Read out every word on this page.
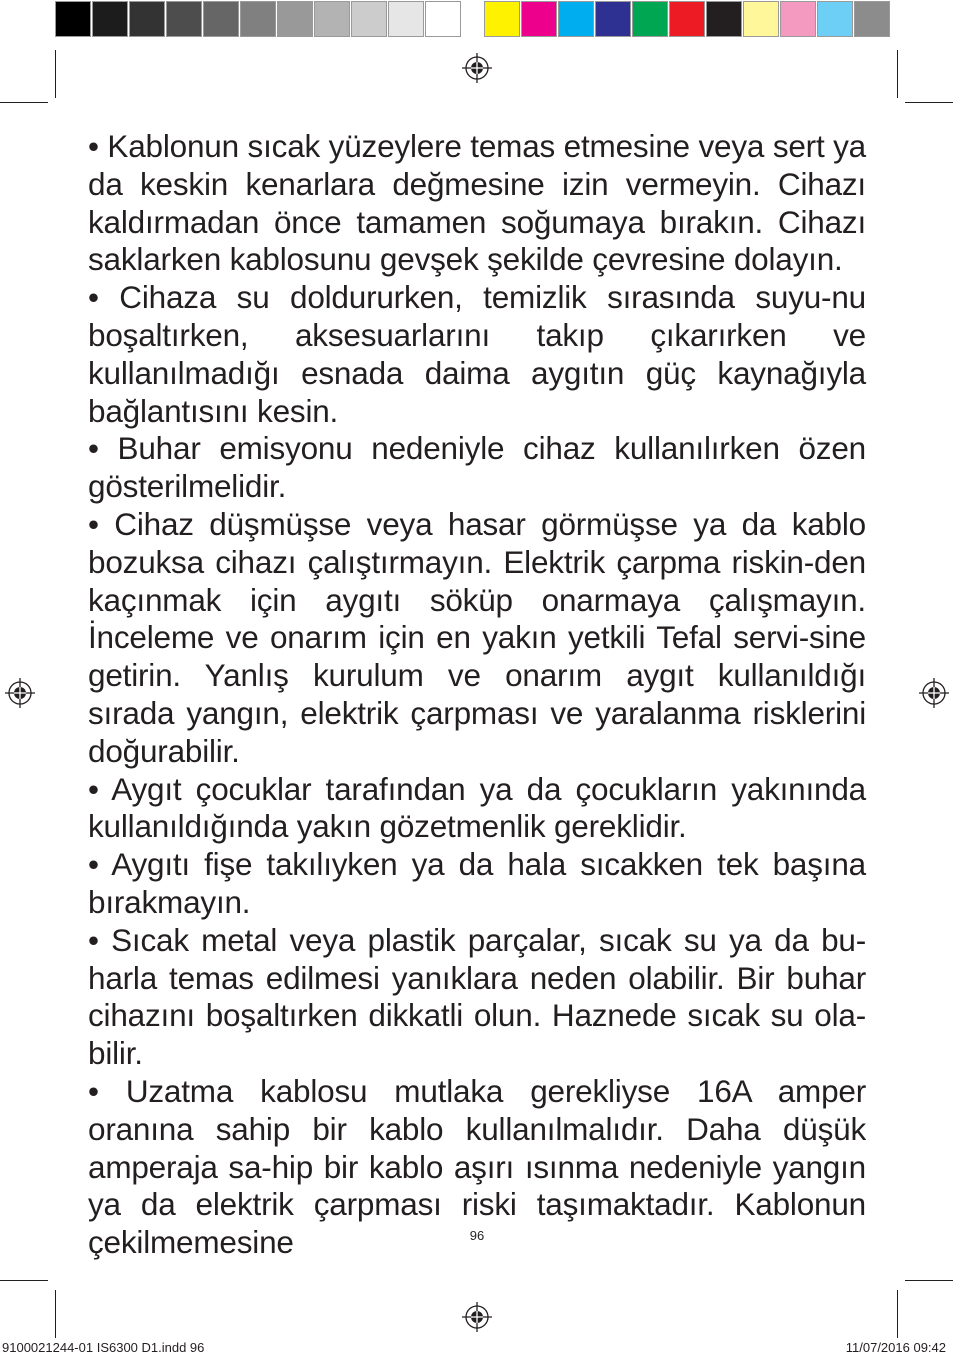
• Kablonun sıcak yüzeylere temas etmesine veya sert ya da keskin kenarlara değmesine izin vermeyin. Cihazı kaldırmadan önce tamamen soğumaya bırakın. Cihazı saklarken kablosunu gevşek şekilde çevresine dolayın.

• Cihaza su doldururken, temizlik sırasında suyu-nu boşaltırken, aksesuarlarını takıp çıkarırken ve kullanılmadığı esnada daima aygıtın güç kaynağıyla bağlantısını kesin.

• Buhar emisyonu nedeniyle cihaz kullanılırken özen gösterilmelidir.

• Cihaz düşmüşse veya hasar görmüşse ya da kablo bozuksa cihazı çalıştırmayın. Elektrik çarpma riskin-den kaçınmak için aygıtı söküp onarmaya çalışmayın. İnceleme ve onarım için en yakın yetkili Tefal servi-sine getirin. Yanlış kurulum ve onarım aygıt kullanıldığı sırada yangın, elektrik çarpması ve yaralanma risklerini doğurabilir.

• Aygıt çocuklar tarafından ya da çocukların yakınında kullanıldığında yakın gözetmenlik gereklidir.

• Aygıtı fişe takılıyken ya da hala sıcakken tek başına bırakmayın.

• Sıcak metal veya plastik parçalar, sıcak su ya da bu-harla temas edilmesi yanıklara neden olabilir. Bir buhar cihazını boşaltırken dikkatli olun. Haznede sıcak su ola-bilir.

• Uzatma kablosu mutlaka gerekliyse 16A amper oranına sahip bir kablo kullanılmalıdır. Daha düşük amperaja sa-hip bir kablo aşırı ısınma nedeniyle yangın ya da elektrik çarpması riski taşımaktadır. Kablonun çekilmemesine	96
9100021244-01 IS6300 D1.indd 96	11/07/2016 09:42
